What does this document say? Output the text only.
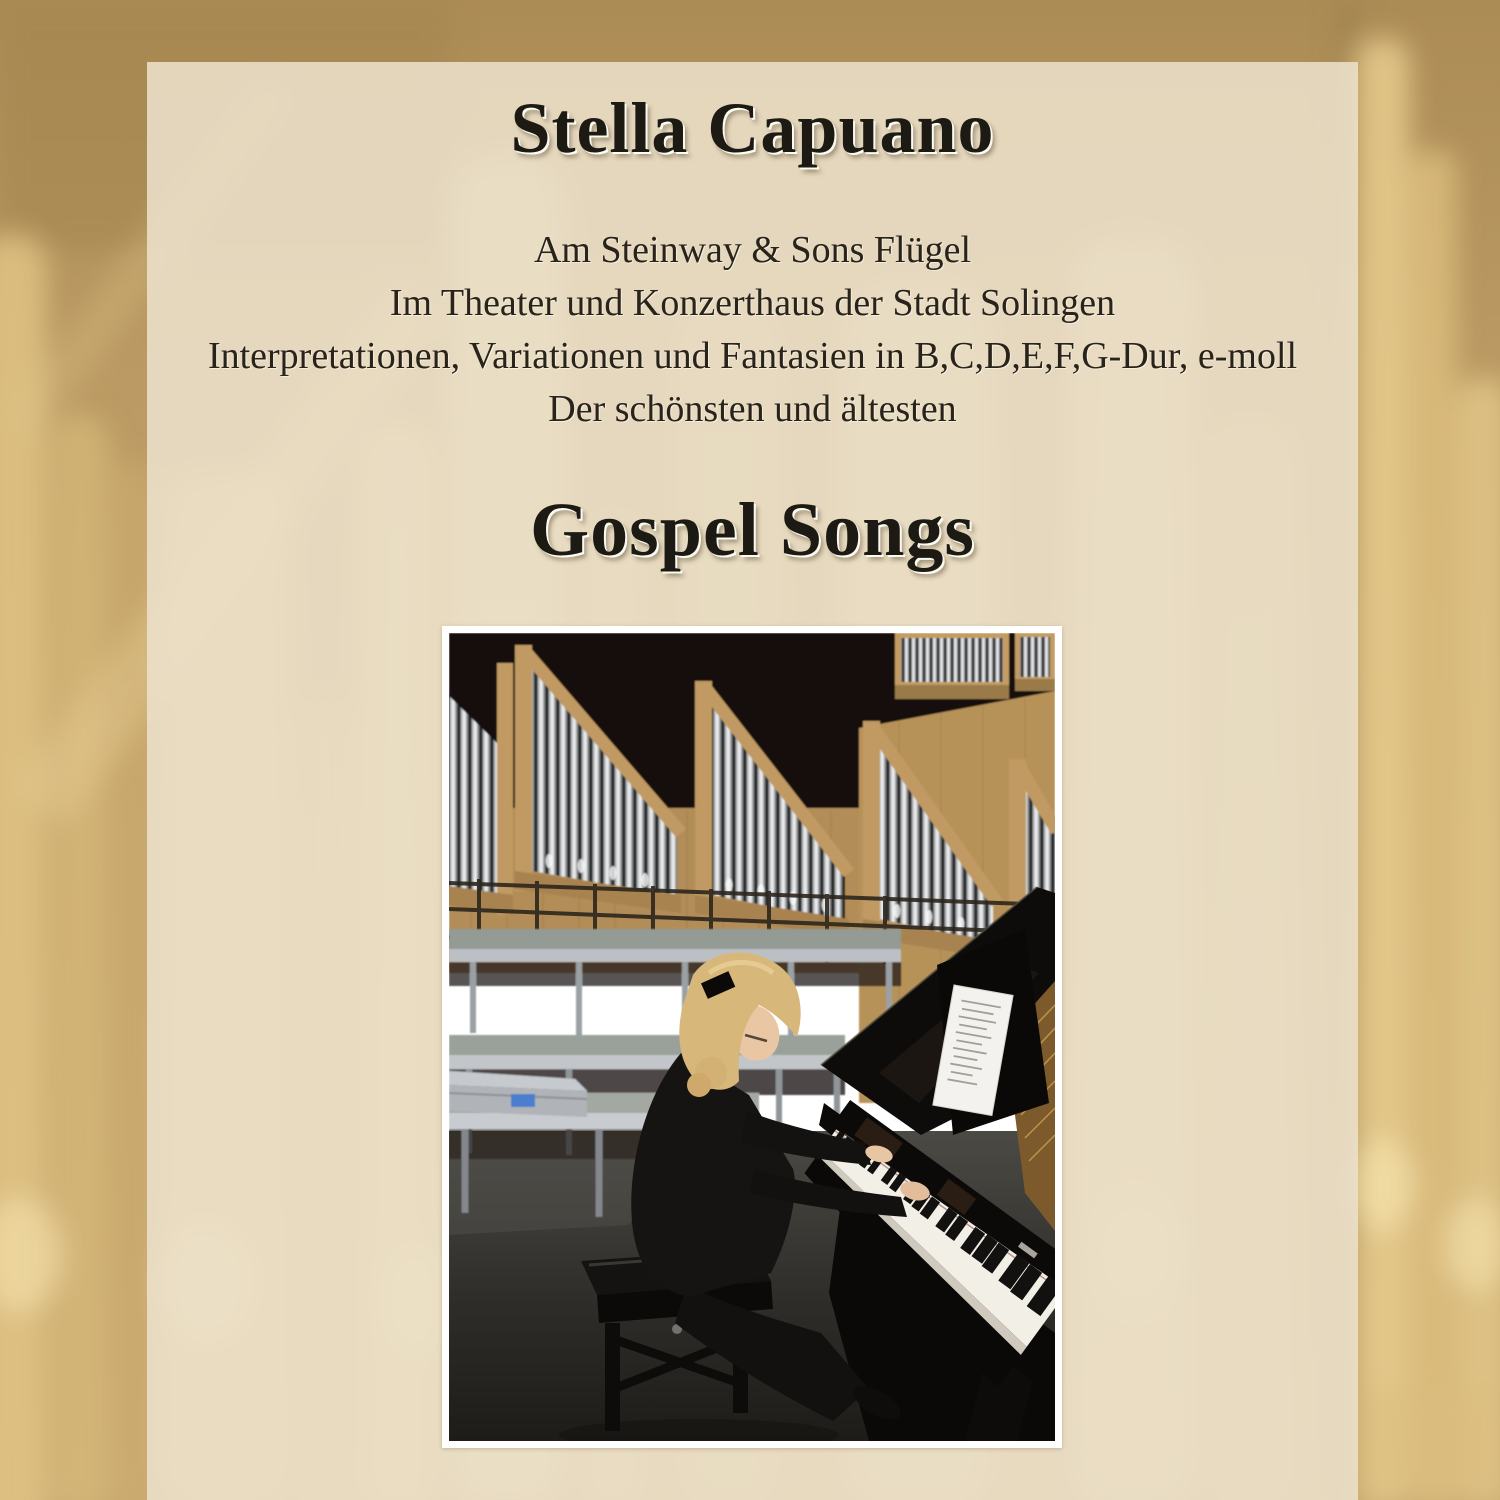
Stella Capuano
Am Steinway & Sons Flügel
Im Theater und Konzerthaus der Stadt Solingen
Interpretationen, Variationen und Fantasien in B,C,D,E,F,G-Dur, e-moll
Der schönsten und ältesten
Gospel Songs
